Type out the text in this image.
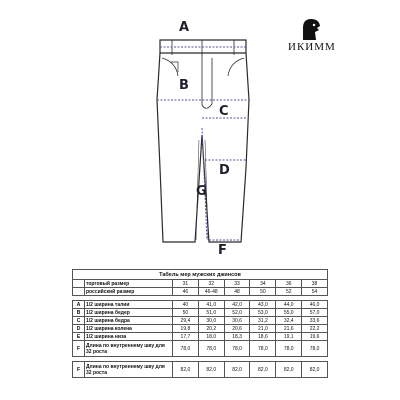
ИКИММ
A
B
C
D
G
F
Табель мер мужских джинсов
	торговый размер	31	32	33	34	36	38
	российский размер	46	46-48	48	50	52	54

A	1/2 ширина талии	40	41,0	42,0	43,0	44,0	46,0
B	1/2 ширина бедер	50	51,0	52,0	53,0	55,0	57,0
C	1/2 ширина бедра	29,4	30,0	30,6	31,2	32,4	33,6
D	1/2 ширина колена	19,8	20,2	20,6	21,0	21,6	22,2
E	1/2 ширина низа	17,7	18,0	18,3	18,6	19,1	19,6
F	Длина по внутреннему шву для 32 роста	78,0	78,0	78,0	78,0	78,0	78,0

F	Длина по внутреннему шву для 32 роста	82,0	82,0	82,0	82,0	82,0	82,0
